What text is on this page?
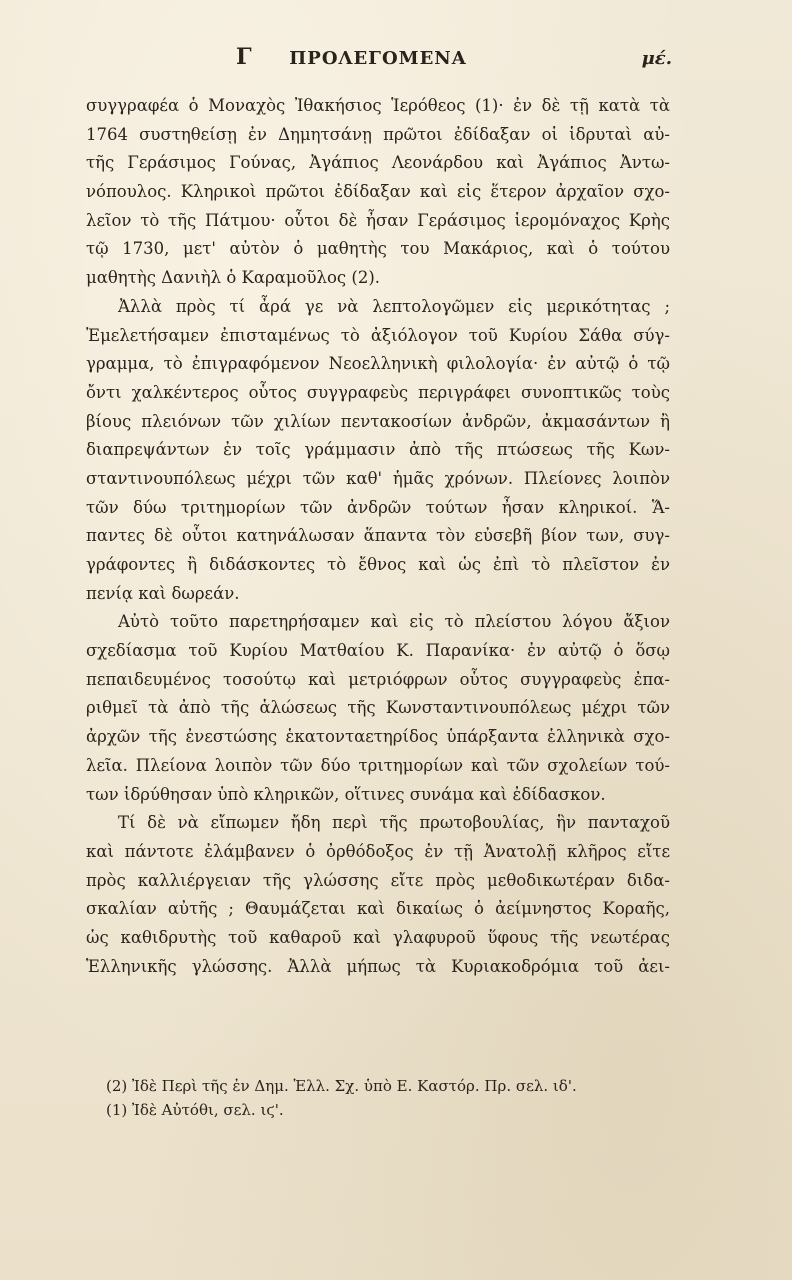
Γ	ΠΡΟΛΕΓΟΜΕΝΑ	μέ.
συγγραφέα ὁ Μοναχὸς Ἰθακήσιος Ἱερόθεος (1)· ἐν δὲ τῇ κατὰ τὰ
1764 συστηθείσῃ ἐν Δημητσάνῃ πρῶτοι ἐδίδαξαν οἱ ἱδρυταὶ αὐ-
τῆς Γεράσιμος Γούνας, Ἀγάπιος Λεονάρδου καὶ Ἀγάπιος Ἀντω-
νόπουλος. Κληρικοὶ πρῶτοι ἐδίδαξαν καὶ εἰς ἕτερον ἀρχαῖον σχο-
λεῖον τὸ τῆς Πάτμου· οὗτοι δὲ ἦσαν Γεράσιμος ἱερομόναχος Κρὴς
τῷ 1730, μετ' αὐτὸν ὁ μαθητὴς του Μακάριος, καὶ ὁ τούτου
μαθητὴς Δανιὴλ ὁ Καραμοῦλος (2).
Ἀλλὰ πρὸς τί ἆρά γε νὰ λεπτολογῶμεν εἰς μερικότητας ;
Ἐμελετήσαμεν ἐπισταμένως τὸ ἀξιόλογον τοῦ Κυρίου Σάθα σύγ-
γραμμα, τὸ ἐπιγραφόμενον Νεοελληνικὴ φιλολογία· ἐν αὐτῷ ὁ τῷ
ὄντι χαλκέντερος οὗτος συγγραφεὺς περιγράφει συνοπτικῶς τοὺς
βίους πλειόνων τῶν χιλίων πεντακοσίων ἀνδρῶν, ἀκμασάντων ἢ
διαπρεψάντων ἐν τοῖς γράμμασιν ἀπὸ τῆς πτώσεως τῆς Κων-
σταντινουπόλεως μέχρι τῶν καθ' ἡμᾶς χρόνων. Πλείονες λοιπὸν
τῶν δύω τριτημορίων τῶν ἀνδρῶν τούτων ἦσαν κληρικοί. Ἅ-
παντες δὲ οὗτοι κατηνάλωσαν ἅπαντα τὸν εὐσεβῆ βίον των, συγ-
γράφοντες ἢ διδάσκοντες τὸ ἔθνος καὶ ὡς ἐπὶ τὸ πλεῖστον ἐν
πενίᾳ καὶ δωρεάν.
Αὐτὸ τοῦτο παρετηρήσαμεν καὶ εἰς τὸ πλείστου λόγου ἄξιον
σχεδίασμα τοῦ Κυρίου Ματθαίου Κ. Παρανίκα· ἐν αὐτῷ ὁ ὅσῳ
πεπαιδευμένος τοσούτῳ καὶ μετριόφρων οὗτος συγγραφεὺς ἐπα-
ριθμεῖ τὰ ἀπὸ τῆς ἁλώσεως τῆς Κωνσταντινουπόλεως μέχρι τῶν
ἀρχῶν τῆς ἐνεστώσης ἑκατονταετηρίδος ὑπάρξαντα ἑλληνικὰ σχο-
λεῖα. Πλείονα λοιπὸν τῶν δύο τριτημορίων καὶ τῶν σχολείων τού-
των ἱδρύθησαν ὑπὸ κληρικῶν, οἵτινες συνάμα καὶ ἐδίδασκον.
Τί δὲ νὰ εἴπωμεν ἤδη περὶ τῆς πρωτοβουλίας, ἣν πανταχοῦ
καὶ πάντοτε ἐλάμβανεν ὁ ὀρθόδοξος ἐν τῇ Ἀνατολῇ κλῆρος εἴτε
πρὸς καλλιέργειαν τῆς γλώσσης εἴτε πρὸς μεθοδικωτέραν διδα-
σκαλίαν αὐτῆς ; Θαυμάζεται καὶ δικαίως ὁ ἀείμνηστος Κοραῆς,
ὡς καθιδρυτὴς τοῦ καθαροῦ καὶ γλαφυροῦ ὕφους τῆς νεωτέρας
Ἑλληνικῆς γλώσσης. Ἀλλὰ μήπως τὰ Κυριακοδρόμια τοῦ ἀει-
(2) Ἰδὲ Περὶ τῆς ἐν Δημ. Ἑλλ. Σχ. ὑπὸ Ε. Καστόρ. Πρ. σελ. ιδ'.
(1) Ἰδὲ Αὐτόθι, σελ. ιϛ'.
